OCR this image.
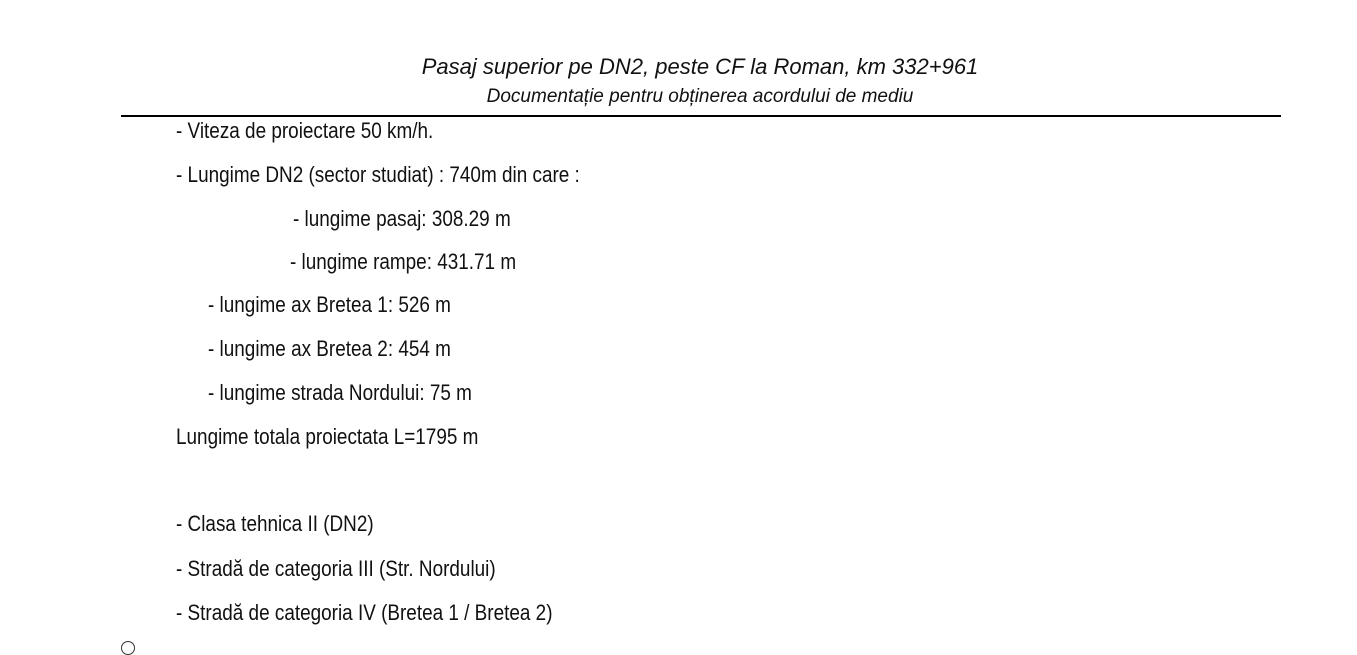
Pasaj superior pe DN2, peste CF la Roman, km 332+961
Documentație pentru obținerea acordului de mediu
- Viteza de proiectare 50 km/h.
- Lungime DN2 (sector studiat) : 740m din care :
- lungime pasaj: 308.29 m
- lungime rampe: 431.71 m
- lungime ax Bretea 1: 526 m
- lungime ax Bretea 2: 454 m
- lungime strada Nordului: 75 m
Lungime totala proiectata L=1795 m
- Clasa tehnica II (DN2)
- Stradă de categoria III (Str. Nordului)
- Stradă de categoria IV (Bretea 1 / Bretea 2)
